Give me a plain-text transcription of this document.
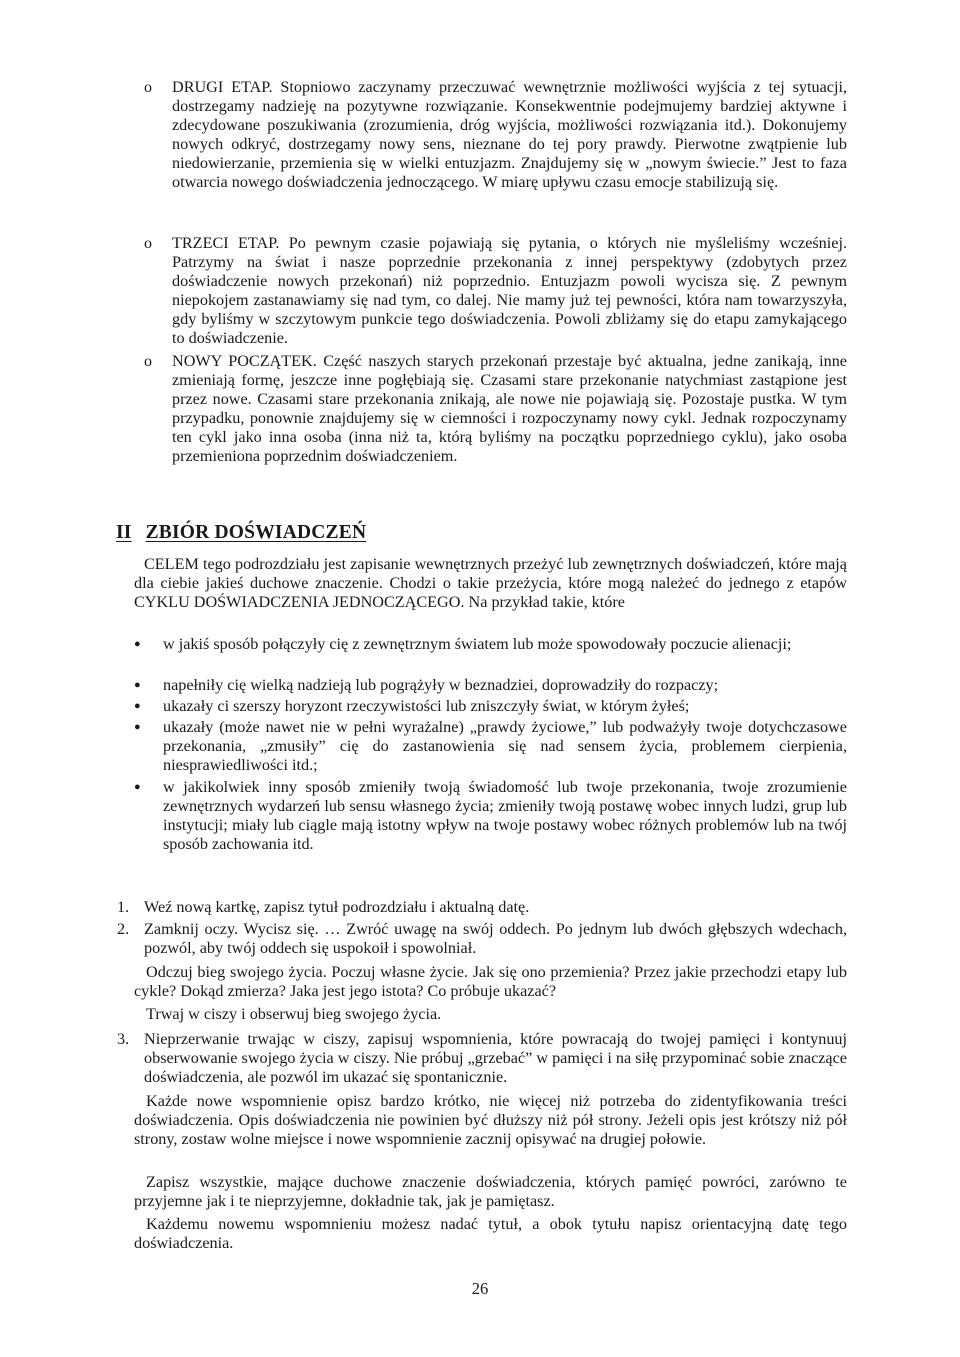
o DRUGI ETAP. Stopniowo zaczynamy przeczuwać wewnętrznie możliwości wyjścia z tej sytuacji, dostrzegamy nadzieję na pozytywne rozwiązanie. Konsekwentnie podejmujemy bardziej aktywne i zdecydowane poszukiwania (zrozumienia, dróg wyjścia, możliwości rozwiązania itd.). Dokonujemy nowych odkryć, dostrzegamy nowy sens, nieznane do tej pory prawdy. Pierwotne zwątpienie lub niedowierzanie, przemienia się w wielki entuzjazm. Znajdujemy się w „nowym świecie.” Jest to faza otwarcia nowego doświadczenia jednoczącego. W miarę upływu czasu emocje stabilizują się.
o TRZECI ETAP. Po pewnym czasie pojawiają się pytania, o których nie myśleliśmy wcześniej. Patrzymy na świat i nasze poprzednie przekonania z innej perspektywy (zdobytych przez doświadczenie nowych przekonań) niż poprzednio. Entuzjazm powoli wycisza się. Z pewnym niepokojem zastanawiamy się nad tym, co dalej. Nie mamy już tej pewności, która nam towarzyszyła, gdy byliśmy w szczytowym punkcie tego doświadczenia. Powoli zbliżamy się do etapu zamykającego to doświadczenie.
o NOWY POCZĄTEK. Część naszych starych przekonań przestaje być aktualna, jedne zanikają, inne zmieniają formę, jeszcze inne pogłębiają się. Czasami stare przekonanie natychmiast zastąpione jest przez nowe. Czasami stare przekonania znikają, ale nowe nie pojawiają się. Pozostaje pustka. W tym przypadku, ponownie znajdujemy się w ciemności i rozpoczynamy nowy cykl. Jednak rozpoczynamy ten cykl jako inna osoba (inna niż ta, którą byliśmy na początku poprzedniego cyklu), jako osoba przemieniona poprzednim doświadczeniem.
II ZBIÓR DOŚWIADCZEŃ
CELEM tego podrozdziału jest zapisanie wewnętrznych przeżyć lub zewnętrznych doświadczeń, które mają dla ciebie jakieś duchowe znaczenie. Chodzi o takie przeżycia, które mogą należeć do jednego z etapów CYKLU DOŚWIADCZENIA JEDNOCZĄCEGO. Na przykład takie, które
● w jakiś sposób połączyły cię z zewnętrznym światem lub może spowodowały poczucie alienacji;
● napełniły cię wielką nadzieją lub pogrążyły w beznadziei, doprowadziły do rozpaczy;
● ukazały ci szerszy horyzont rzeczywistości lub zniszczyły świat, w którym żyłeś;
● ukazały (może nawet nie w pełni wyrażalne) „prawdy życiowe,” lub podważyły twoje dotychczasowe przekonania, „zmusiły” cię do zastanowienia się nad sensem życia, problemem cierpienia, niesprawiedliwości itd.;
● w jakikolwiek inny sposób zmieniły twoją świadomość lub twoje przekonania, twoje zrozumienie zewnętrznych wydarzeń lub sensu własnego życia; zmieniły twoją postawę wobec innych ludzi, grup lub instytucji; miały lub ciągle mają istotny wpływ na twoje postawy wobec różnych problemów lub na twój sposób zachowania itd.
1. Weź nową kartkę, zapisz tytuł podrozdziału i aktualną datę.
2. Zamknij oczy. Wycisz się. … Zwróć uwagę na swój oddech. Po jednym lub dwóch głębszych wdechach, pozwól, aby twój oddech się uspokoił i spowolniał.
Odczuj bieg swojego życia. Poczuj własne życie. Jak się ono przemienia? Przez jakie przechodzi etapy lub cykle? Dokąd zmierza? Jaka jest jego istota? Co próbuje ukazać?
Trwaj w ciszy i obserwuj bieg swojego życia.
3. Nieprzerwanie trwając w ciszy, zapisuj wspomnienia, które powracają do twojej pamięci i kontynuuj obserwowanie swojego życia w ciszy. Nie próbuj „grzebać” w pamięci i na siłę przypominać sobie znaczące doświadczenia, ale pozwól im ukazać się spontanicznie.
Każde nowe wspomnienie opisz bardzo krótko, nie więcej niż potrzeba do zidentyfikowania treści doświadczenia. Opis doświadczenia nie powinien być dłuższy niż pół strony. Jeżeli opis jest krótszy niż pół strony, zostaw wolne miejsce i nowe wspomnienie zacznij opisywać na drugiej połowie.
Zapisz wszystkie, mające duchowe znaczenie doświadczenia, których pamięć powróci, zarówno te przyjemne jak i te nieprzyjemne, dokładnie tak, jak je pamiętasz.
Każdemu nowemu wspomnieniu możesz nadać tytuł, a obok tytułu napisz orientacyjną datę tego doświadczenia.
26
